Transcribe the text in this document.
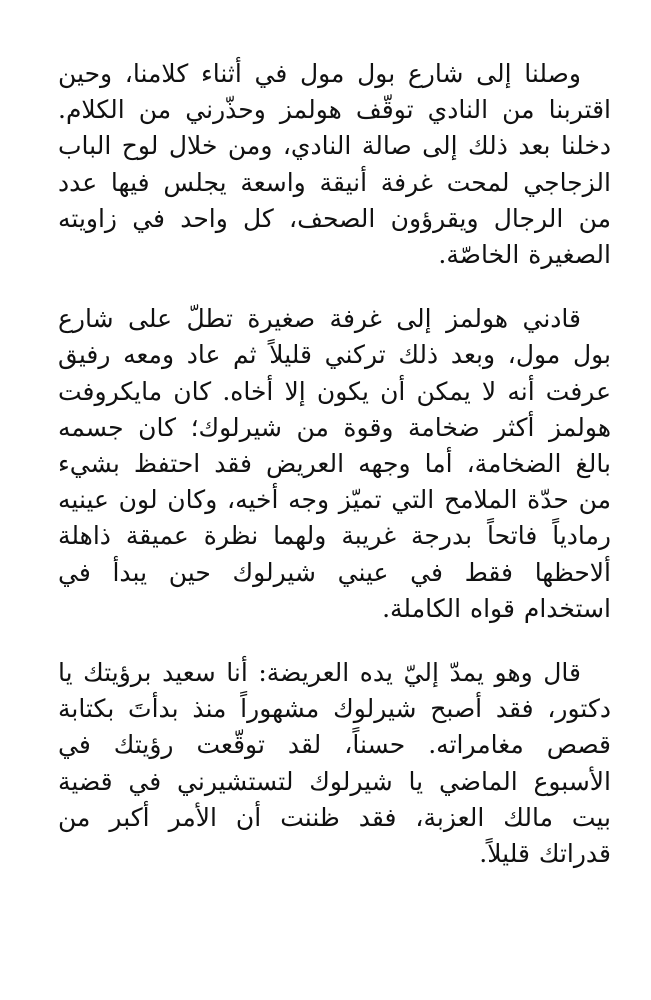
وصلنا إلى شارع بول مول في أثناء كلامنا، وحين اقتربنا من النادي توقّف هولمز وحذّرني من الكلام. دخلنا بعد ذلك إلى صالة النادي، ومن خلال لوح الباب الزجاجي لمحت غرفة أنيقة واسعة يجلس فيها عدد من الرجال ويقرؤون الصحف، كل واحد في زاويته الصغيرة الخاصّة.

قادني هولمز إلى غرفة صغيرة تطلّ على شارع بول مول، وبعد ذلك تركني قليلاً ثم عاد ومعه رفيق عرفت أنه لا يمكن أن يكون إلا أخاه. كان مايكروفت هولمز أكثر ضخامة وقوة من شيرلوك؛ كان جسمه بالغ الضخامة، أما وجهه العريض فقد احتفظ بشيء من حدّة الملامح التي تميّز وجه أخيه، وكان لون عينيه رمادياً فاتحاً بدرجة غريبة ولهما نظرة عميقة ذاهلة ألاحظها فقط في عيني شيرلوك حين يبدأ في استخدام قواه الكاملة.

قال وهو يمدّ إليّ يده العريضة: أنا سعيد برؤيتك يا دكتور، فقد أصبح شيرلوك مشهوراً منذ بدأتَ بكتابة قصص مغامراته. حسناً، لقد توقّعت رؤيتك في الأسبوع الماضي يا شيرلوك لتستشيرني في قضية بيت مالك العزبة، فقد ظننت أن الأمر أكبر من قدراتك قليلاً.
